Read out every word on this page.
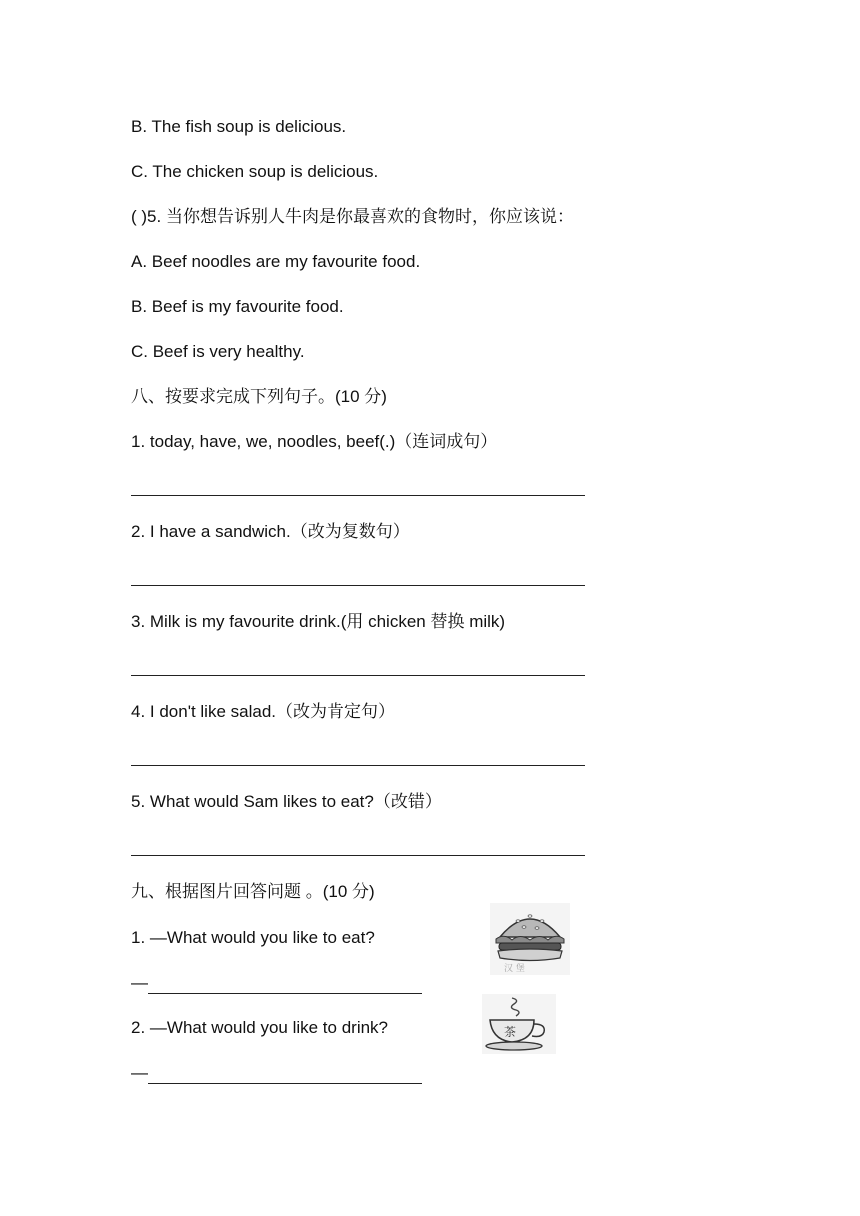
B. The fish soup is delicious.
C. The chicken soup is delicious.
( )5. 当你想告诉别人牛肉是你最喜欢的食物时，你应该说：
A. Beef noodles are my favourite food.
B. Beef is my favourite food.
C. Beef is very healthy.
八、按要求完成下列句子。(10 分)
1. today, have, we, noodles, beef(.)（连词成句）
2. I have a sandwich.（改为复数句）
3. Milk is my favourite drink.(用 chicken 替换 milk)
4. I don't like salad.（改为肯定句）
5. What would Sam likes to eat?（改错）
九、根据图片回答问题 。(10 分)
1. —What would you like to eat?
—
2. —What would you like to drink?
—
汉 堡
茶
